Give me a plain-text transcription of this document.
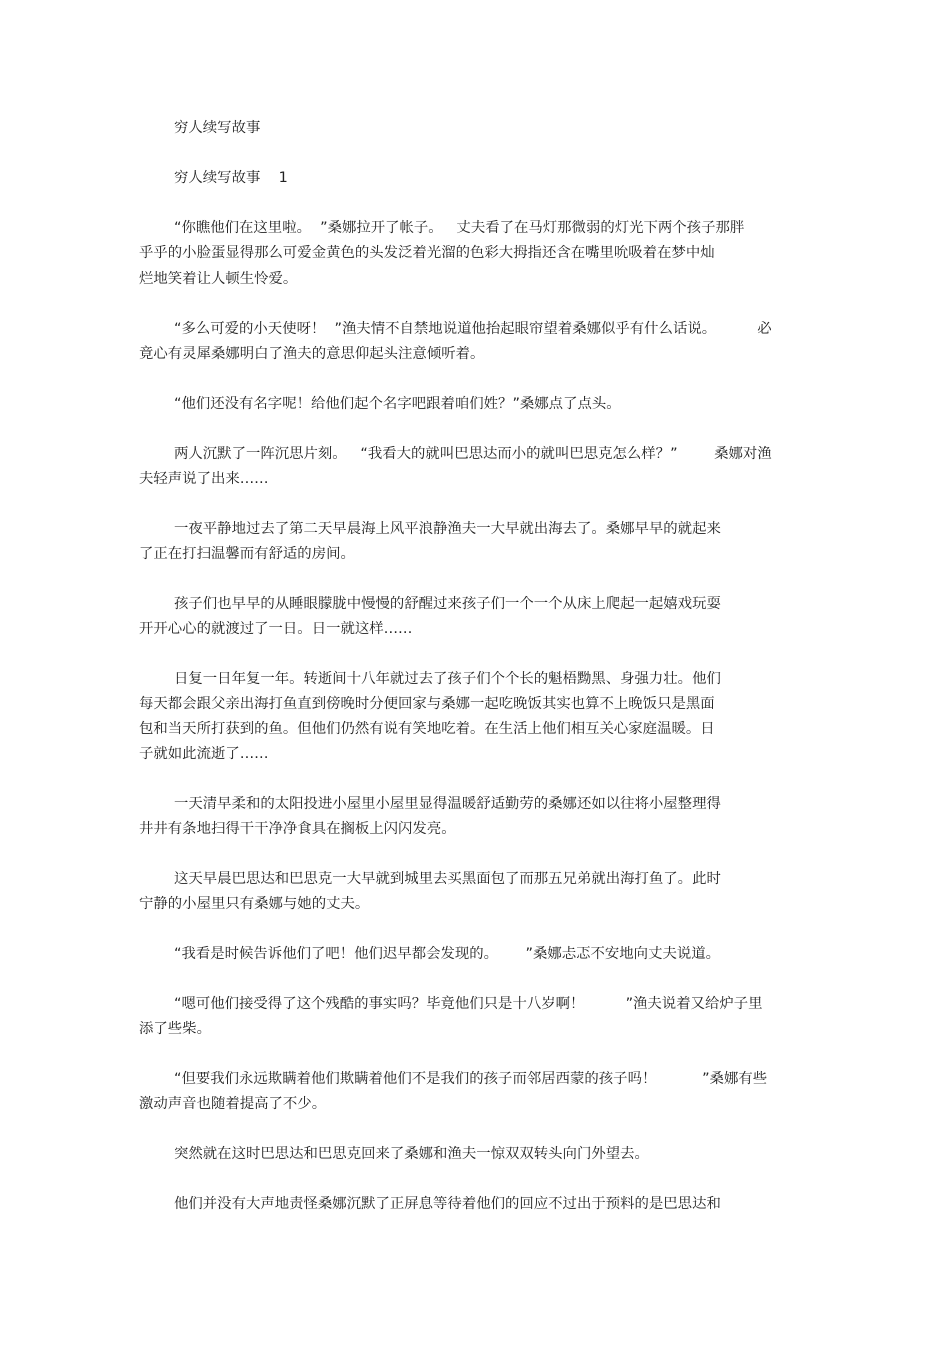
穷人续写故事
穷人续写故事    1
“你瞧他们在这里啦。  ”桑娜拉开了帐子。   丈夫看了在马灯那微弱的灯光下两个孩子那胖
乎乎的小脸蛋显得那么可爱金黄色的头发泛着光溜的色彩大拇指还含在嘴里吮吸着在梦中灿
烂地笑着让人顿生怜爱。
“多么可爱的小天使呀！  ”渔夫情不自禁地说道他抬起眼帘望着桑娜似乎有什么话说。         必
竟心有灵犀桑娜明白了渔夫的意思仰起头注意倾听着。
“他们还没有名字呢！给他们起个名字吧跟着咱们姓？”桑娜点了点头。
两人沉默了一阵沉思片刻。   “我看大的就叫巴思达而小的就叫巴思克怎么样？”        桑娜对渔
夫轻声说了出来……
一夜平静地过去了第二天早晨海上风平浪静渔夫一大早就出海去了。桑娜早早的就起来
了正在打扫温馨而有舒适的房间。
孩子们也早早的从睡眼朦胧中慢慢的舒醒过来孩子们一个一个从床上爬起一起嬉戏玩耍
开开心心的就渡过了一日。日一就这样……
日复一日年复一年。转逝间十八年就过去了孩子们个个长的魁梧黝黑、身强力壮。他们
每天都会跟父亲出海打鱼直到傍晚时分便回家与桑娜一起吃晚饭其实也算不上晚饭只是黑面
包和当天所打获到的鱼。但他们仍然有说有笑地吃着。在生活上他们相互关心家庭温暖。日
子就如此流逝了……
一天清早柔和的太阳投进小屋里小屋里显得温暖舒适勤劳的桑娜还如以往将小屋整理得
井井有条地扫得干干净净食具在搁板上闪闪发亮。
这天早晨巴思达和巴思克一大早就到城里去买黑面包了而那五兄弟就出海打鱼了。此时
宁静的小屋里只有桑娜与她的丈夫。
“我看是时候告诉他们了吧！他们迟早都会发现的。      ”桑娜忐忑不安地向丈夫说道。
“嗯可他们接受得了这个残酷的事实吗？毕竟他们只是十八岁啊！         ”渔夫说着又给炉子里
添了些柴。
“但要我们永远欺瞒着他们欺瞒着他们不是我们的孩子而邻居西蒙的孩子吗！          ”桑娜有些
激动声音也随着提高了不少。
突然就在这时巴思达和巴思克回来了桑娜和渔夫一惊双双转头向门外望去。
他们并没有大声地责怪桑娜沉默了正屏息等待着他们的回应不过出于预料的是巴思达和
